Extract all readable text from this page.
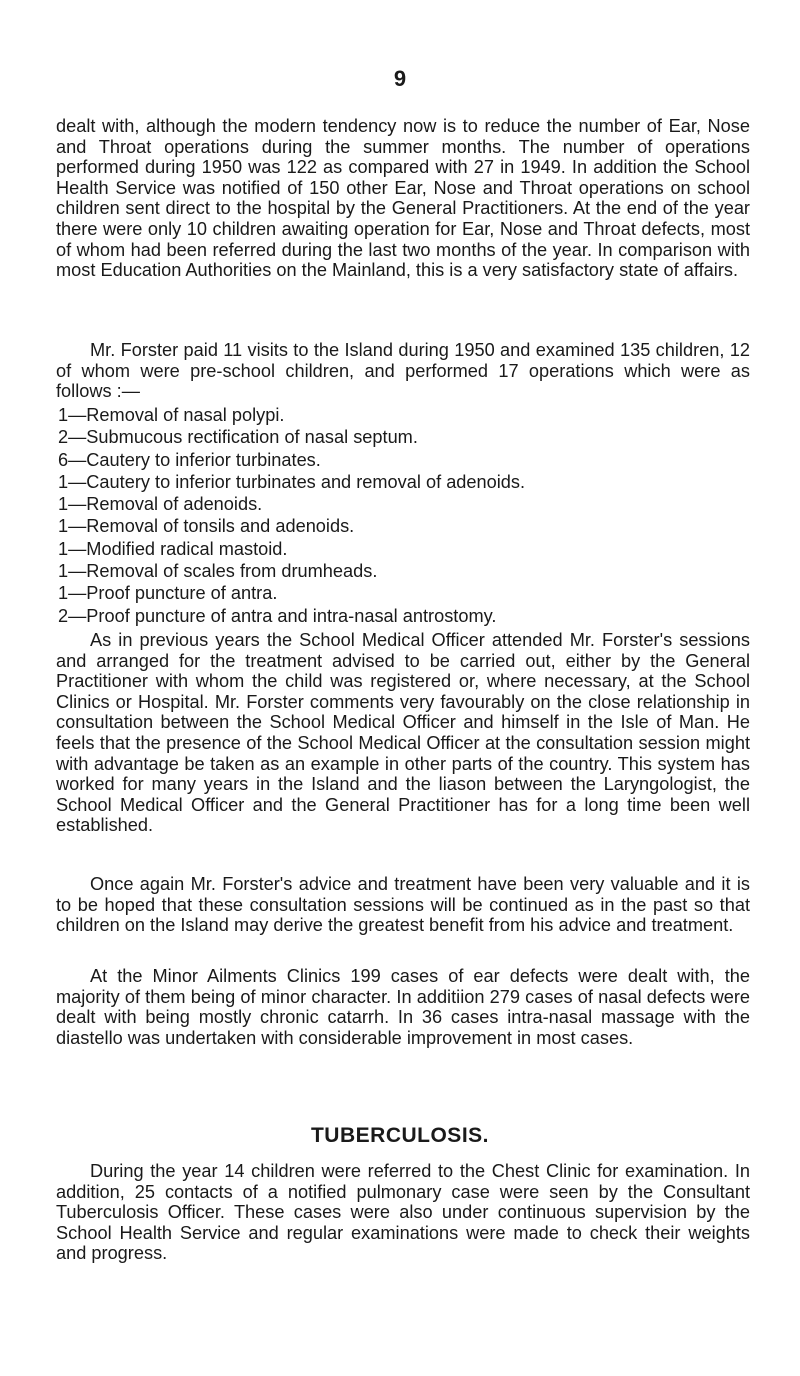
9

dealt with, although the modern tendency now is to reduce the number of Ear, Nose and Throat operations during the summer months. The number of operations performed during 1950 was 122 as compared with 27 in 1949. In addition the School Health Service was notified of 150 other Ear, Nose and Throat operations on school children sent direct to the hospital by the General Practitioners. At the end of the year there were only 10 children awaiting operation for Ear, Nose and Throat defects, most of whom had been referred during the last two months of the year. In comparison with most Education Authorities on the Mainland, this is a very satisfactory state of affairs.

Mr. Forster paid 11 visits to the Island during 1950 and examined 135 children, 12 of whom were pre-school children, and performed 17 operations which were as follows :—

1—Removal of nasal polypi.
2—Submucous rectification of nasal septum.
6—Cautery to inferior turbinates.
1—Cautery to inferior turbinates and removal of adenoids.
1—Removal of adenoids.
1—Removal of tonsils and adenoids.
1—Modified radical mastoid.
1—Removal of scales from drumheads.
1—Proof puncture of antra.
2—Proof puncture of antra and intra-nasal antrostomy.

As in previous years the School Medical Officer attended Mr. Forster's sessions and arranged for the treatment advised to be carried out, either by the General Practitioner with whom the child was registered or, where necessary, at the School Clinics or Hospital. Mr. Forster comments very favourably on the close relationship in consultation between the School Medical Officer and himself in the Isle of Man. He feels that the presence of the School Medical Officer at the consultation session might with advantage be taken as an example in other parts of the country. This system has worked for many years in the Island and the liason between the Laryngologist, the School Medical Officer and the General Practitioner has for a long time been well established.

Once again Mr. Forster's advice and treatment have been very valuable and it is to be hoped that these consultation sessions will be continued as in the past so that children on the Island may derive the greatest benefit from his advice and treatment.

At the Minor Ailments Clinics 199 cases of ear defects were dealt with, the majority of them being of minor character. In additiion 279 cases of nasal defects were dealt with being mostly chronic catarrh. In 36 cases intra-nasal massage with the diastello was undertaken with considerable improvement in most cases.

TUBERCULOSIS.

During the year 14 children were referred to the Chest Clinic for examination. In addition, 25 contacts of a notified pulmonary case were seen by the Consultant Tuberculosis Officer. These cases were also under continuous supervision by the School Health Service and regular examinations were made to check their weights and progress.
